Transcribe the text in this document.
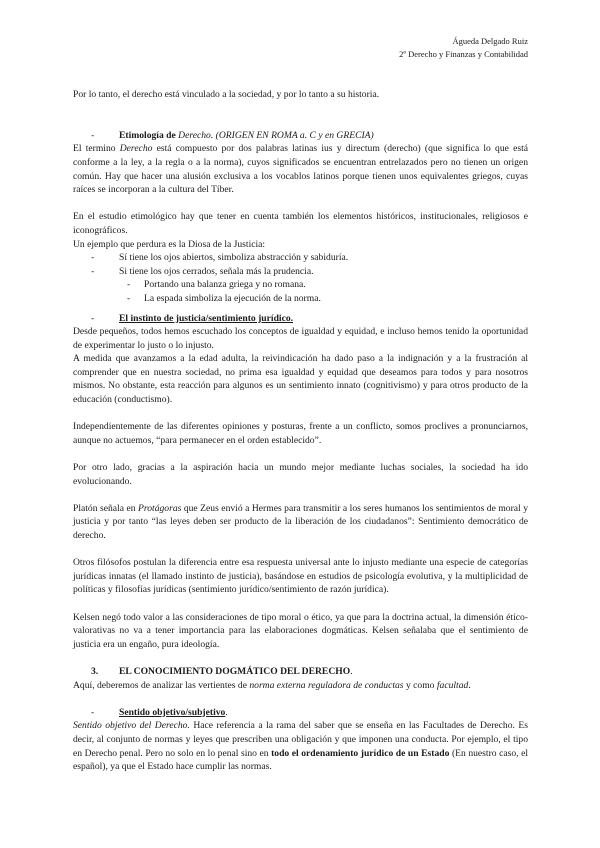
Águeda Delgado Ruiz
2º Derecho y Finanzas y Contabilidad

Por lo tanto, el derecho está vinculado a la sociedad, y por lo tanto a su historia.

-	Etimología de Derecho. (ORIGEN EN ROMA a. C y en GRECIA)

El termino Derecho está compuesto por dos palabras latinas ius y directum (derecho) (que significa lo que está conforme a la ley, a la regla o a la norma), cuyos significados se encuentran entrelazados pero no tienen un origen común. Hay que hacer una alusión exclusiva a los vocablos latinos porque tienen unos equivalentes griegos, cuyas raíces se incorporan a la cultura del Tíber.

En el estudio etimológico hay que tener en cuenta también los elementos históricos, institucionales, religiosos e iconográficos.

Un ejemplo que perdura es la Diosa de la Justicia:

-	Sí tiene los ojos abiertos, simboliza abstracción y sabiduría.
-	Si tiene los ojos cerrados, señala más la prudencia.
- Portando una balanza griega y no romana.
- La espada simboliza la ejecución de la norma.
-	El instinto de justicia/sentimiento jurídico.

Desde pequeños, todos hemos escuchado los conceptos de igualdad y equidad, e incluso hemos tenido la oportunidad de experimentar lo justo o lo injusto.

A medida que avanzamos a la edad adulta, la reivindicación ha dado paso a la indignación y a la frustración al comprender que en nuestra sociedad, no prima esa igualdad y equidad que deseamos para todos y para nosotros mismos. No obstante, esta reacción para algunos es un sentimiento innato (cognitivismo) y para otros producto de la educación (conductismo).

Independientemente de las diferentes opiniones y posturas, frente a un conflicto, somos proclives a pronunciarnos, aunque no actuemos, “para permanecer en el orden establecido”.

Por otro lado, gracias a la aspiración hacia un mundo mejor mediante luchas sociales, la sociedad ha ido evolucionando.

Platón señala en Protágoras que Zeus envió a Hermes para transmitir a los seres humanos los sentimientos de moral y justicia y por tanto “las leyes deben ser producto de la liberación de los ciudadanos”: Sentimiento democrático de derecho.

Otros filósofos postulan la diferencia entre esa respuesta universal ante lo injusto mediante una especie de categorías jurídicas innatas (el llamado instinto de justicia), basándose en estudios de psicología evolutiva, y la multiplicidad de políticas y filosofías jurídicas (sentimiento jurídico/sentimiento de razón jurídica).

Kelsen negó todo valor a las consideraciones de tipo moral o ético, ya que para la doctrina actual, la dimensión ético-valorativas no va a tener importancia para las elaboraciones dogmáticas. Kelsen señalaba que el sentimiento de justicia era un engaño, pura ideología.

3. EL CONOCIMIENTO DOGMÁTICO DEL DERECHO.

Aquí, deberemos de analizar las vertientes de norma externa reguladora de conductas y como facultad.

-	Sentido objetivo/subjetivo.

Sentido objetivo del Derecho. Hace referencia a la rama del saber que se enseña en las Facultades de Derecho. Es decir, al conjunto de normas y leyes que prescriben una obligación y que imponen una conducta. Por ejemplo, el tipo en Derecho penal. Pero no solo en lo penal sino en todo el ordenamiento jurídico de un Estado (En nuestro caso, el español), ya que el Estado hace cumplir las normas.
